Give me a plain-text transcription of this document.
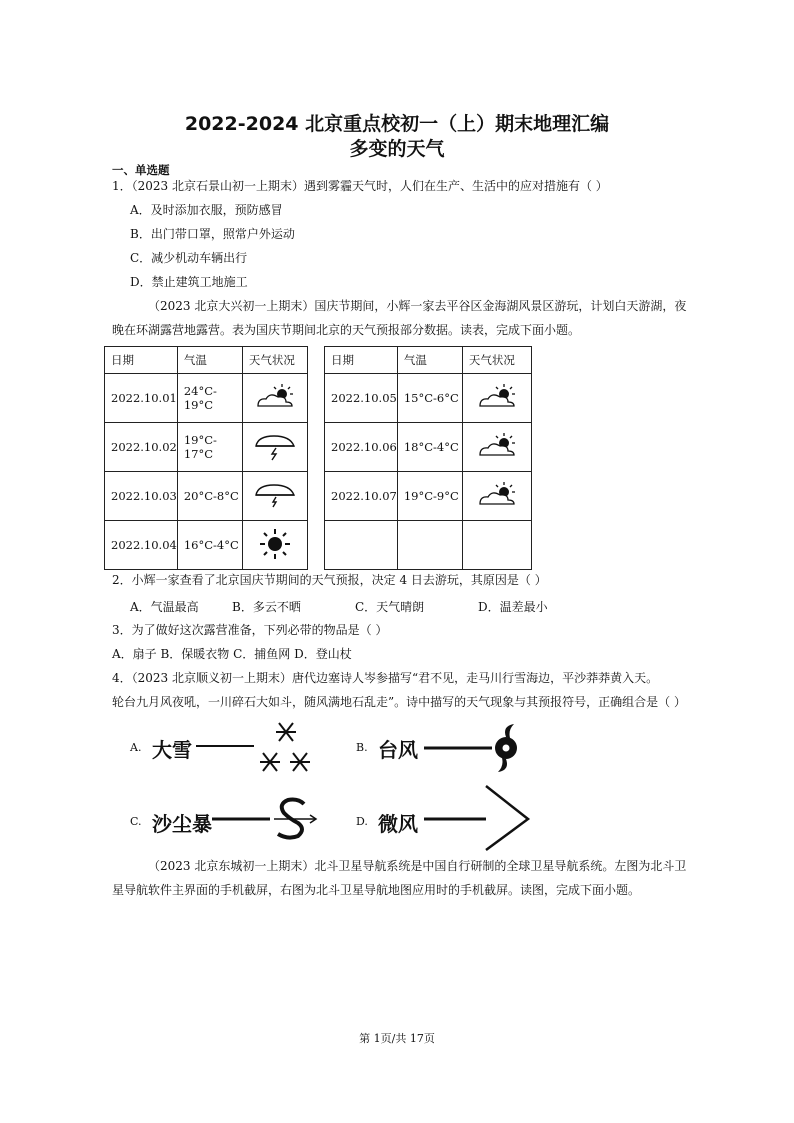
2022-2024 北京重点校初一（上）期末地理汇编
多变的天气
一、单选题
1．（2023 北京石景山初一上期末）遇到雾霾天气时，人们在生产、生活中的应对措施有（ ）
A．及时添加衣服，预防感冒
B．出门带口罩，照常户外运动
C．减少机动车辆出行
D．禁止建筑工地施工
（2023 北京大兴初一上期末）国庆节期间，小辉一家去平谷区金海湖风景区游玩，计划白天游湖，夜
晚在环湖露营地露营。表为国庆节期间北京的天气预报部分数据。读表，完成下面小题。
日期	气温	天气状况
2022.10.01	24°C-19°C	
2022.10.02	19°C-17°C	
2022.10.03	20°C-8°C	
2022.10.04	16°C-4°C	
日期	气温	天气状况
2022.10.05	15°C-6°C	
2022.10.06	18°C-4°C	
2022.10.07	19°C-9°C	

2．小辉一家查看了北京国庆节期间的天气预报，决定 4 日去游玩，其原因是（ ）
A．气温最高	B．多云不晒	C．天气晴朗	D．温差最小
3．为了做好这次露营准备，下列必带的物品是（ ）
A．扇子 B．保暖衣物 C．捕鱼网 D．登山杖
4．（2023 北京顺义初一上期末）唐代边塞诗人岑参描写“君不见，走马川行雪海边，平沙莽莽黄入天。
轮台九月风夜吼，一川碎石大如斗，随风满地石乱走”。诗中描写的天气现象与其预报符号，正确组合是（ ）
A. 大雪	B. 台风
C. 沙尘暴	D. 微风
（2023 北京东城初一上期末）北斗卫星导航系统是中国自行研制的全球卫星导航系统。左图为北斗卫
星导航软件主界面的手机截屏，右图为北斗卫星导航地图应用时的手机截屏。读图，完成下面小题。
第 1页/共 17页
